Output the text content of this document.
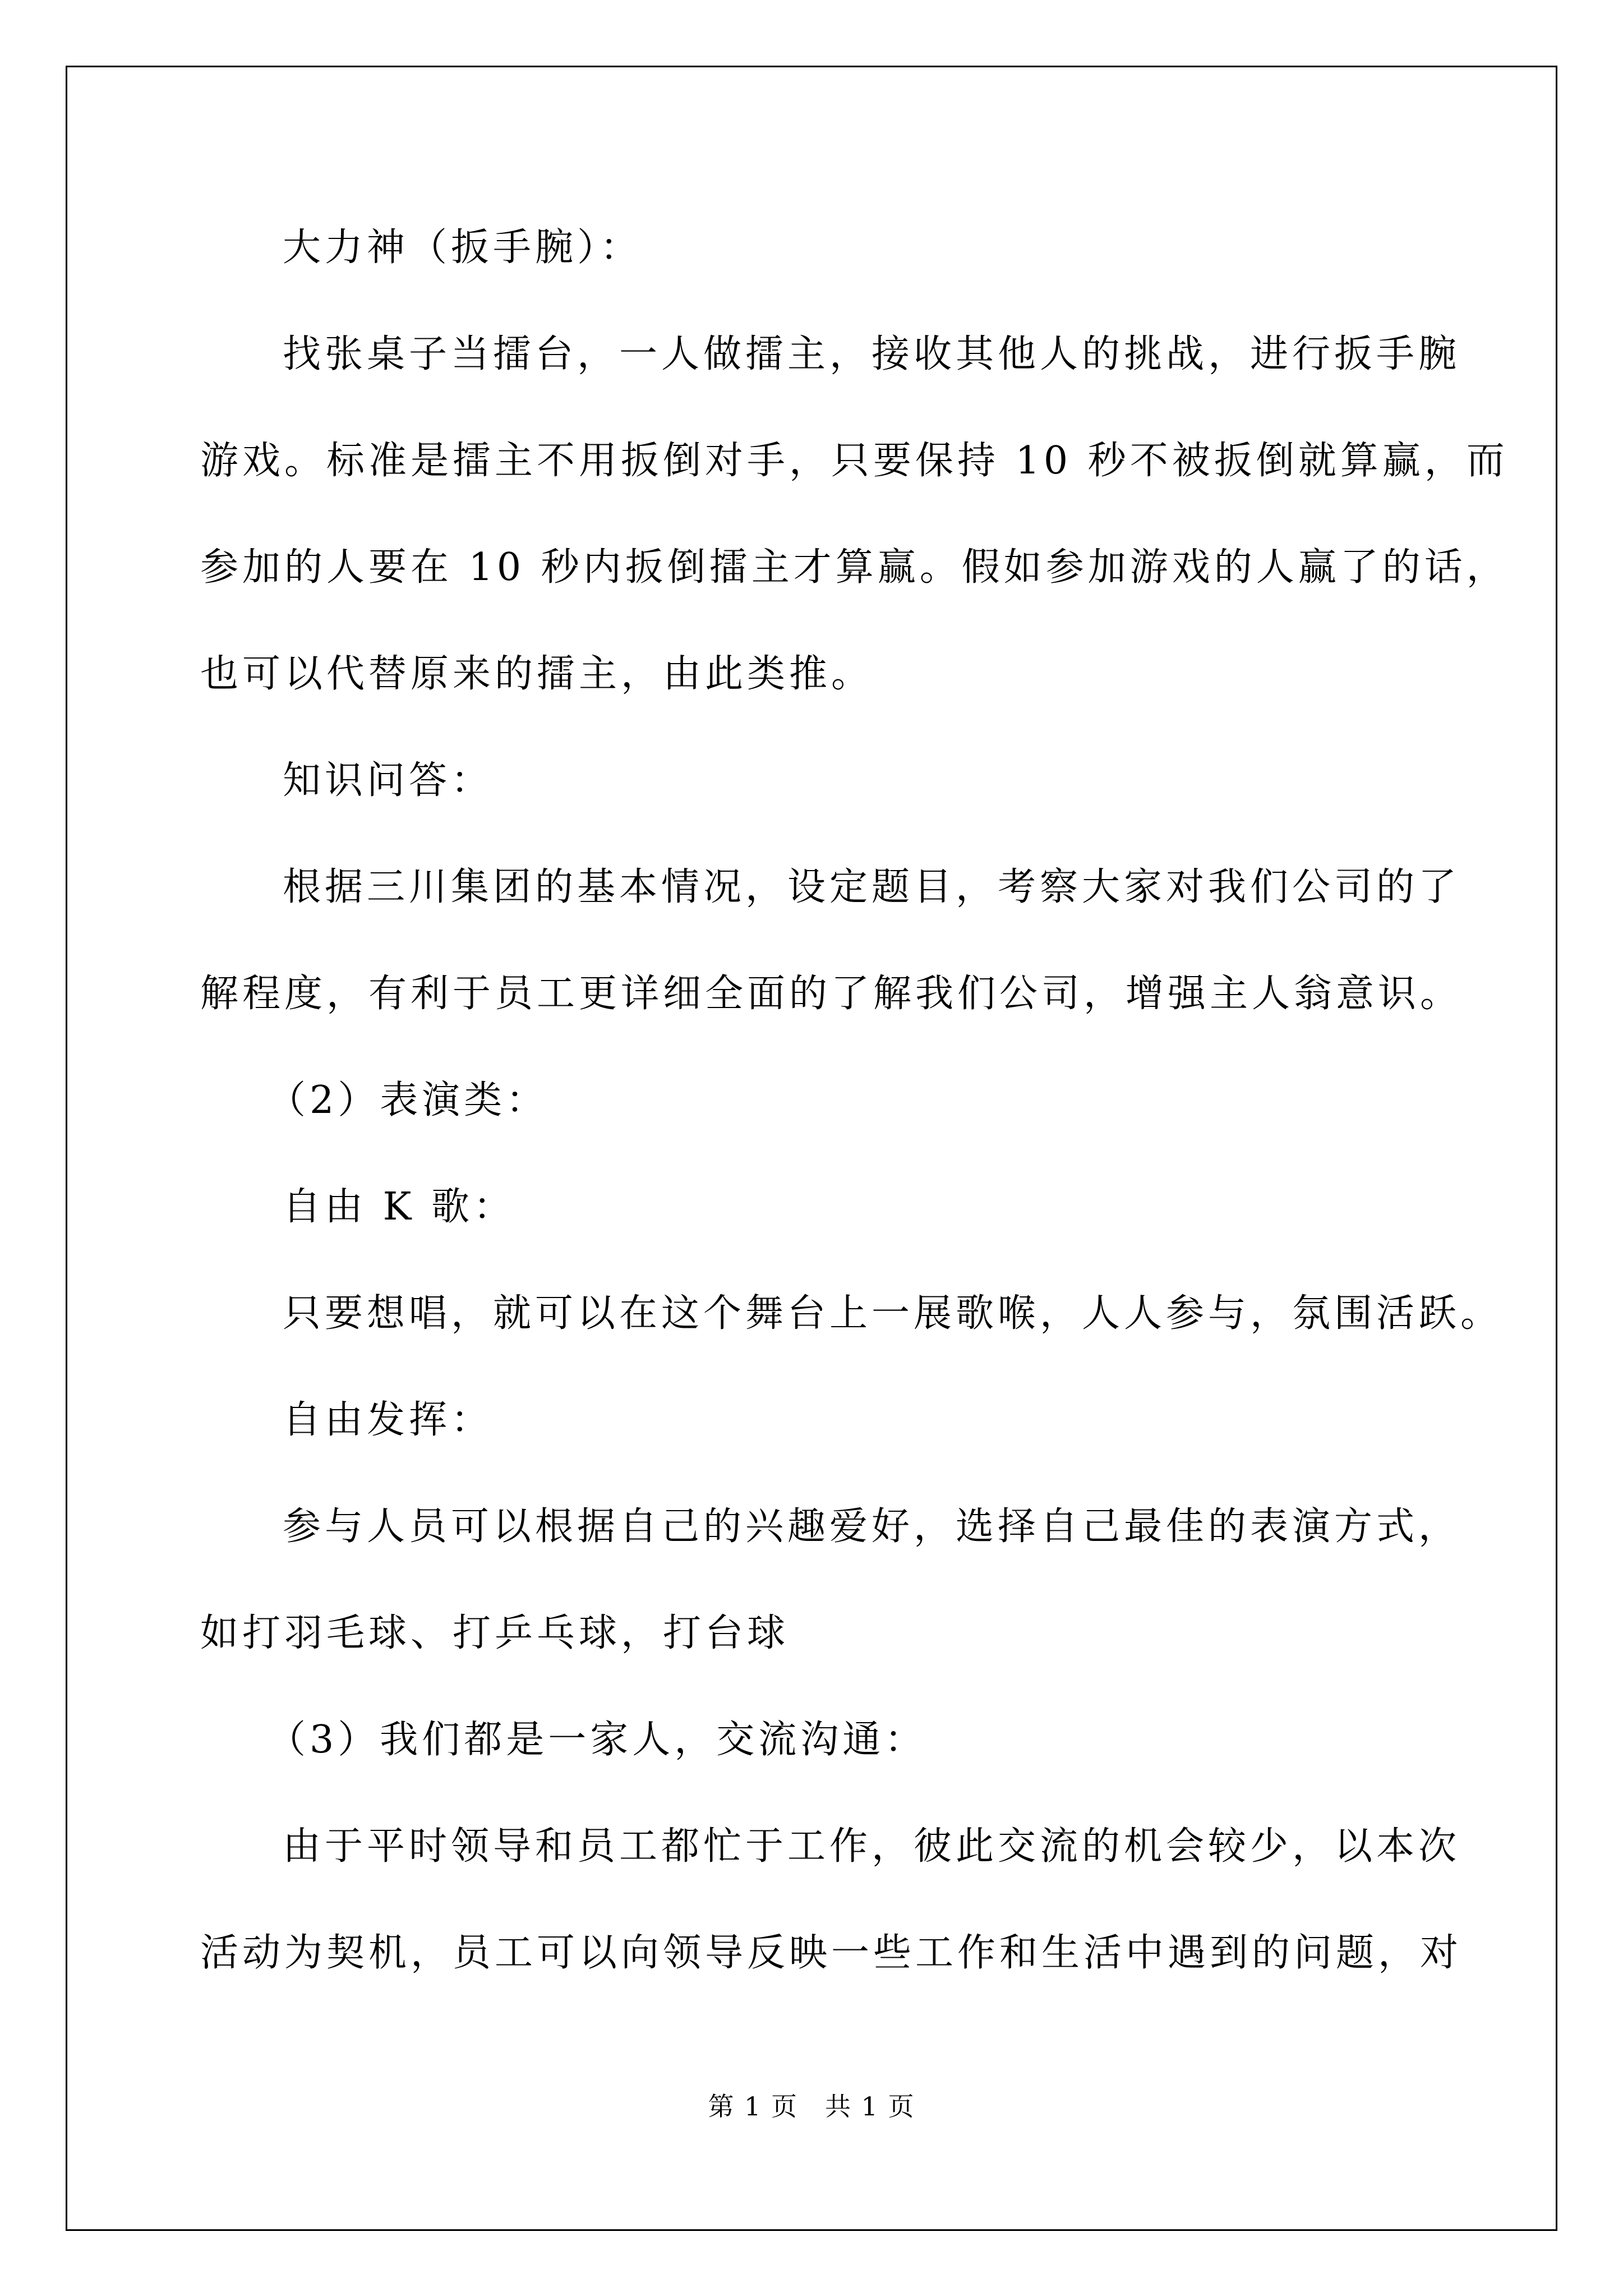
大力神（扳手腕）：
找张桌子当擂台，一人做擂主，接收其他人的挑战，进行扳手腕
游戏。标准是擂主不用扳倒对手，只要保持 10 秒不被扳倒就算赢，而
参加的人要在 10 秒内扳倒擂主才算赢。假如参加游戏的人赢了的话，
也可以代替原来的擂主，由此类推。
知识问答：
根据三川集团的基本情况，设定题目，考察大家对我们公司的了
解程度，有利于员工更详细全面的了解我们公司，增强主人翁意识。
（2）表演类：
自由 K 歌：
只要想唱，就可以在这个舞台上一展歌喉，人人参与，氛围活跃。
自由发挥：
参与人员可以根据自己的兴趣爱好，选择自己最佳的表演方式，
如打羽毛球、打乒乓球，打台球
（3）我们都是一家人，交流沟通：
由于平时领导和员工都忙于工作，彼此交流的机会较少，以本次
活动为契机，员工可以向领导反映一些工作和生活中遇到的问题，对
第 1 页　共 1 页
